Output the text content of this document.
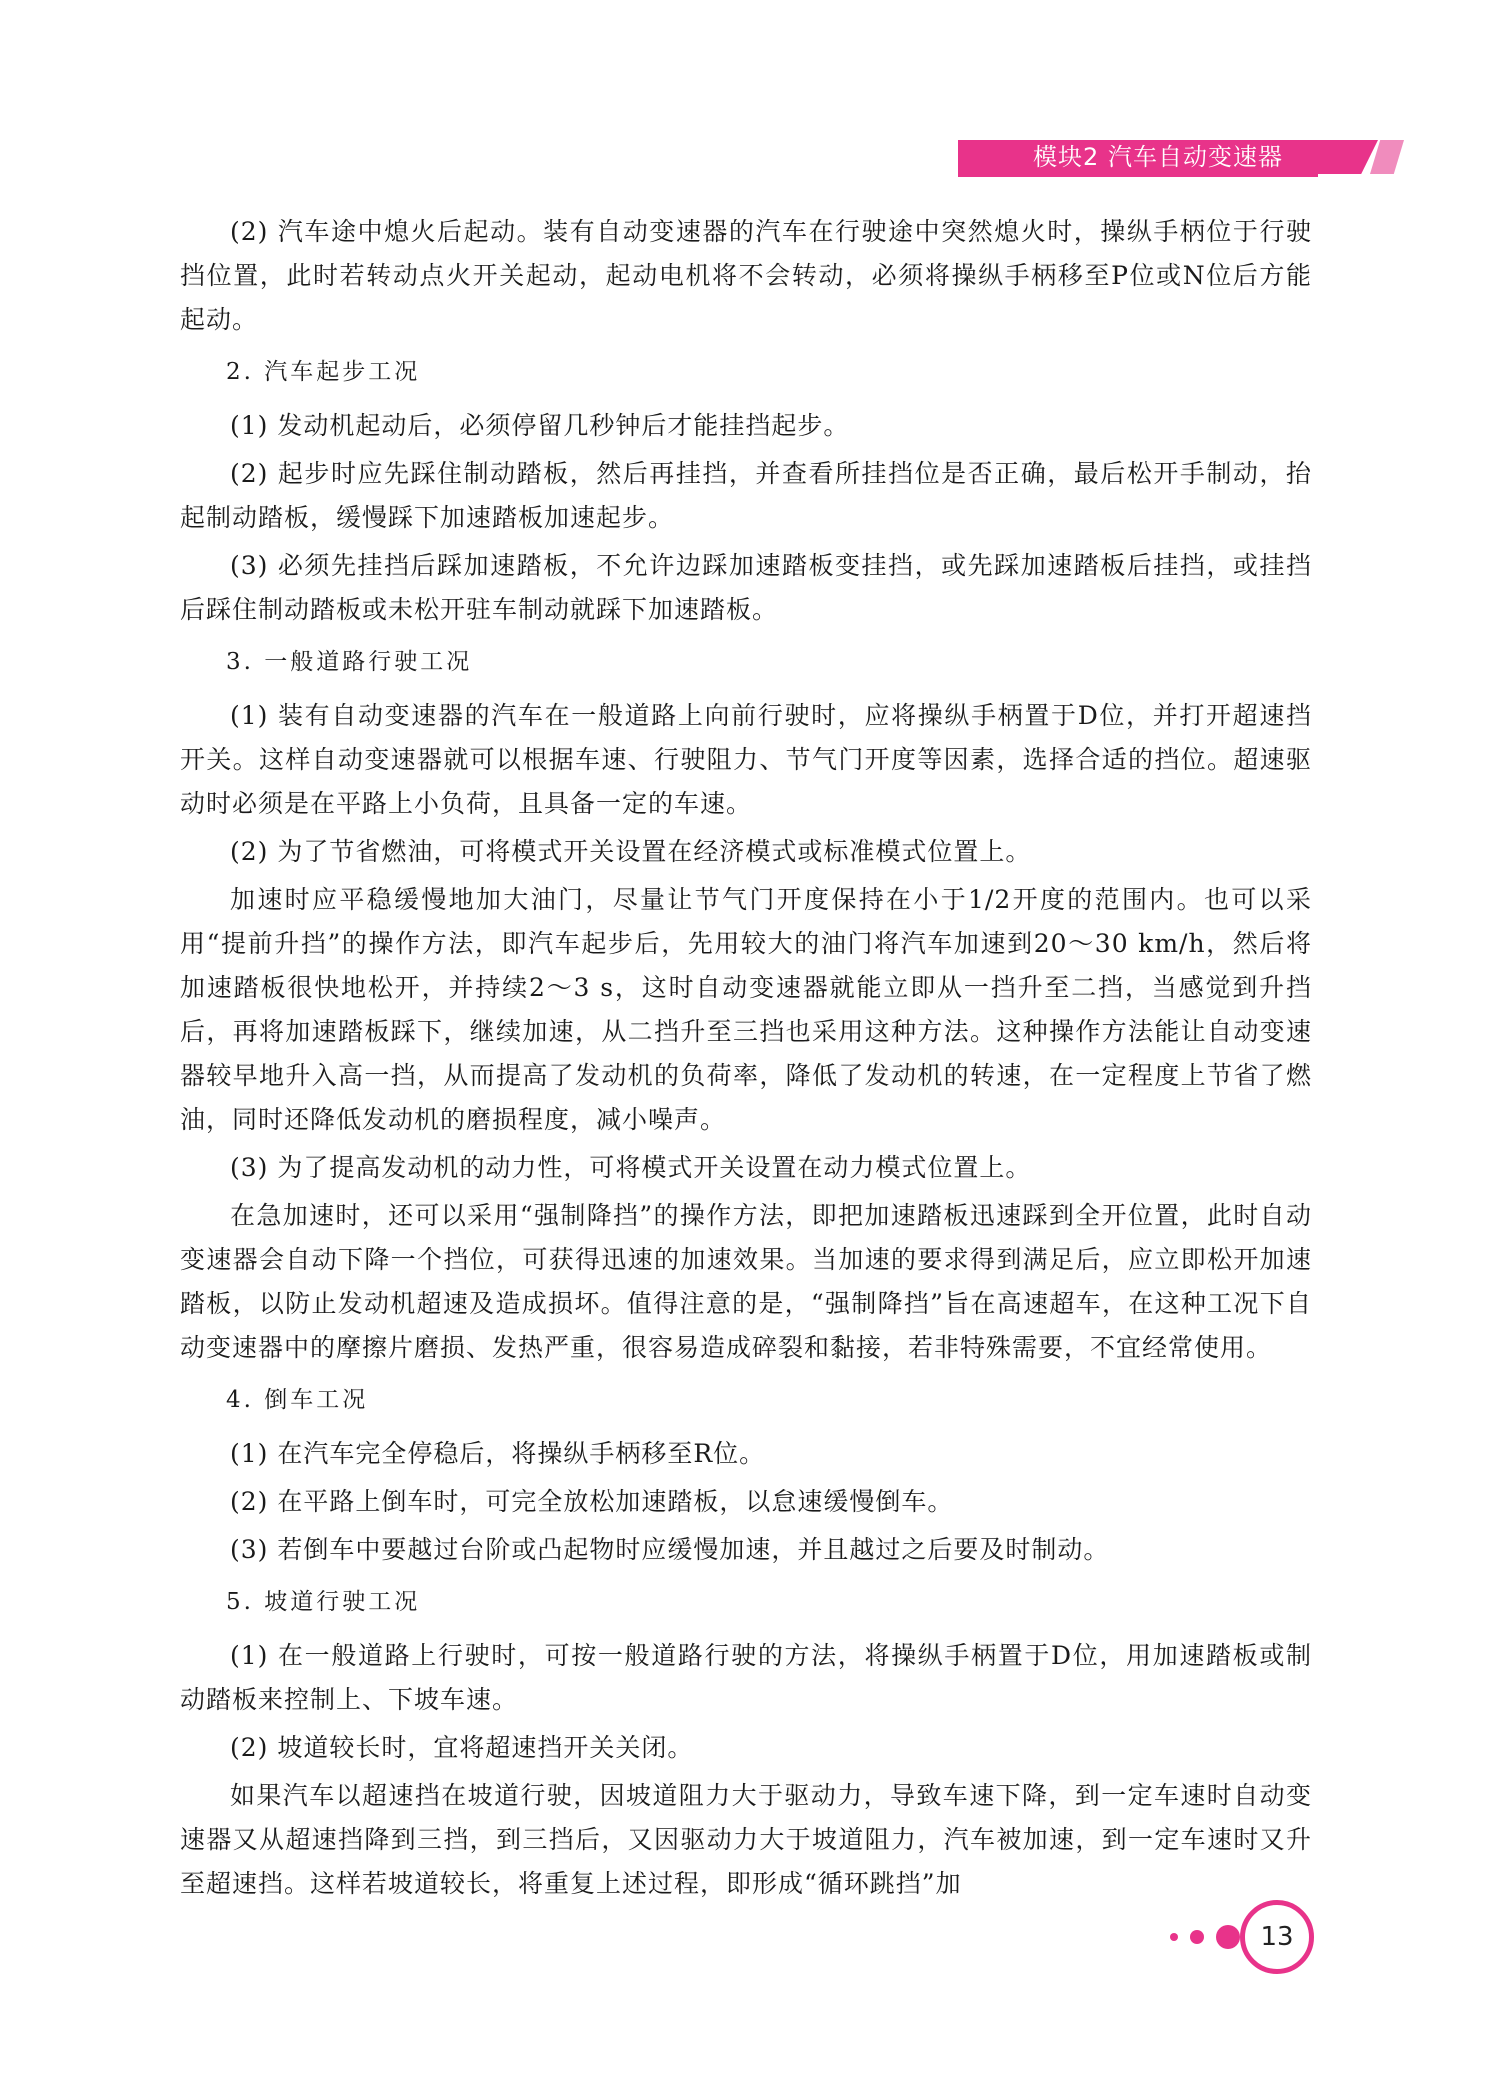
模块2 汽车自动变速器

(2) 汽车途中熄火后起动。装有自动变速器的汽车在行驶途中突然熄火时，操纵手柄位于行驶挡位置，此时若转动点火开关起动，起动电机将不会转动，必须将操纵手柄移至P位或N位后方能起动。

2. 汽车起步工况

(1) 发动机起动后，必须停留几秒钟后才能挂挡起步。

(2) 起步时应先踩住制动踏板，然后再挂挡，并查看所挂挡位是否正确，最后松开手制动，抬起制动踏板，缓慢踩下加速踏板加速起步。

(3) 必须先挂挡后踩加速踏板，不允许边踩加速踏板变挂挡，或先踩加速踏板后挂挡，或挂挡后踩住制动踏板或未松开驻车制动就踩下加速踏板。

3. 一般道路行驶工况

(1) 装有自动变速器的汽车在一般道路上向前行驶时，应将操纵手柄置于D位，并打开超速挡开关。这样自动变速器就可以根据车速、行驶阻力、节气门开度等因素，选择合适的挡位。超速驱动时必须是在平路上小负荷，且具备一定的车速。

(2) 为了节省燃油，可将模式开关设置在经济模式或标准模式位置上。

加速时应平稳缓慢地加大油门，尽量让节气门开度保持在小于1/2开度的范围内。也可以采用“提前升挡”的操作方法，即汽车起步后，先用较大的油门将汽车加速到20～30 km/h，然后将加速踏板很快地松开，并持续2～3 s，这时自动变速器就能立即从一挡升至二挡，当感觉到升挡后，再将加速踏板踩下，继续加速，从二挡升至三挡也采用这种方法。这种操作方法能让自动变速器较早地升入高一挡，从而提高了发动机的负荷率，降低了发动机的转速，在一定程度上节省了燃油，同时还降低发动机的磨损程度，减小噪声。

(3) 为了提高发动机的动力性，可将模式开关设置在动力模式位置上。

在急加速时，还可以采用“强制降挡”的操作方法，即把加速踏板迅速踩到全开位置，此时自动变速器会自动下降一个挡位，可获得迅速的加速效果。当加速的要求得到满足后，应立即松开加速踏板，以防止发动机超速及造成损坏。值得注意的是，“强制降挡”旨在高速超车，在这种工况下自动变速器中的摩擦片磨损、发热严重，很容易造成碎裂和黏接，若非特殊需要，不宜经常使用。

4. 倒车工况

(1) 在汽车完全停稳后，将操纵手柄移至R位。

(2) 在平路上倒车时，可完全放松加速踏板，以怠速缓慢倒车。

(3) 若倒车中要越过台阶或凸起物时应缓慢加速，并且越过之后要及时制动。

5. 坡道行驶工况

(1) 在一般道路上行驶时，可按一般道路行驶的方法，将操纵手柄置于D位，用加速踏板或制动踏板来控制上、下坡车速。

(2) 坡道较长时，宜将超速挡开关关闭。

如果汽车以超速挡在坡道行驶，因坡道阻力大于驱动力，导致车速下降，到一定车速时自动变速器又从超速挡降到三挡，到三挡后，又因驱动力大于坡道阻力，汽车被加速，到一定车速时又升至超速挡。这样若坡道较长，将重复上述过程，即形成“循环跳挡”加

13
